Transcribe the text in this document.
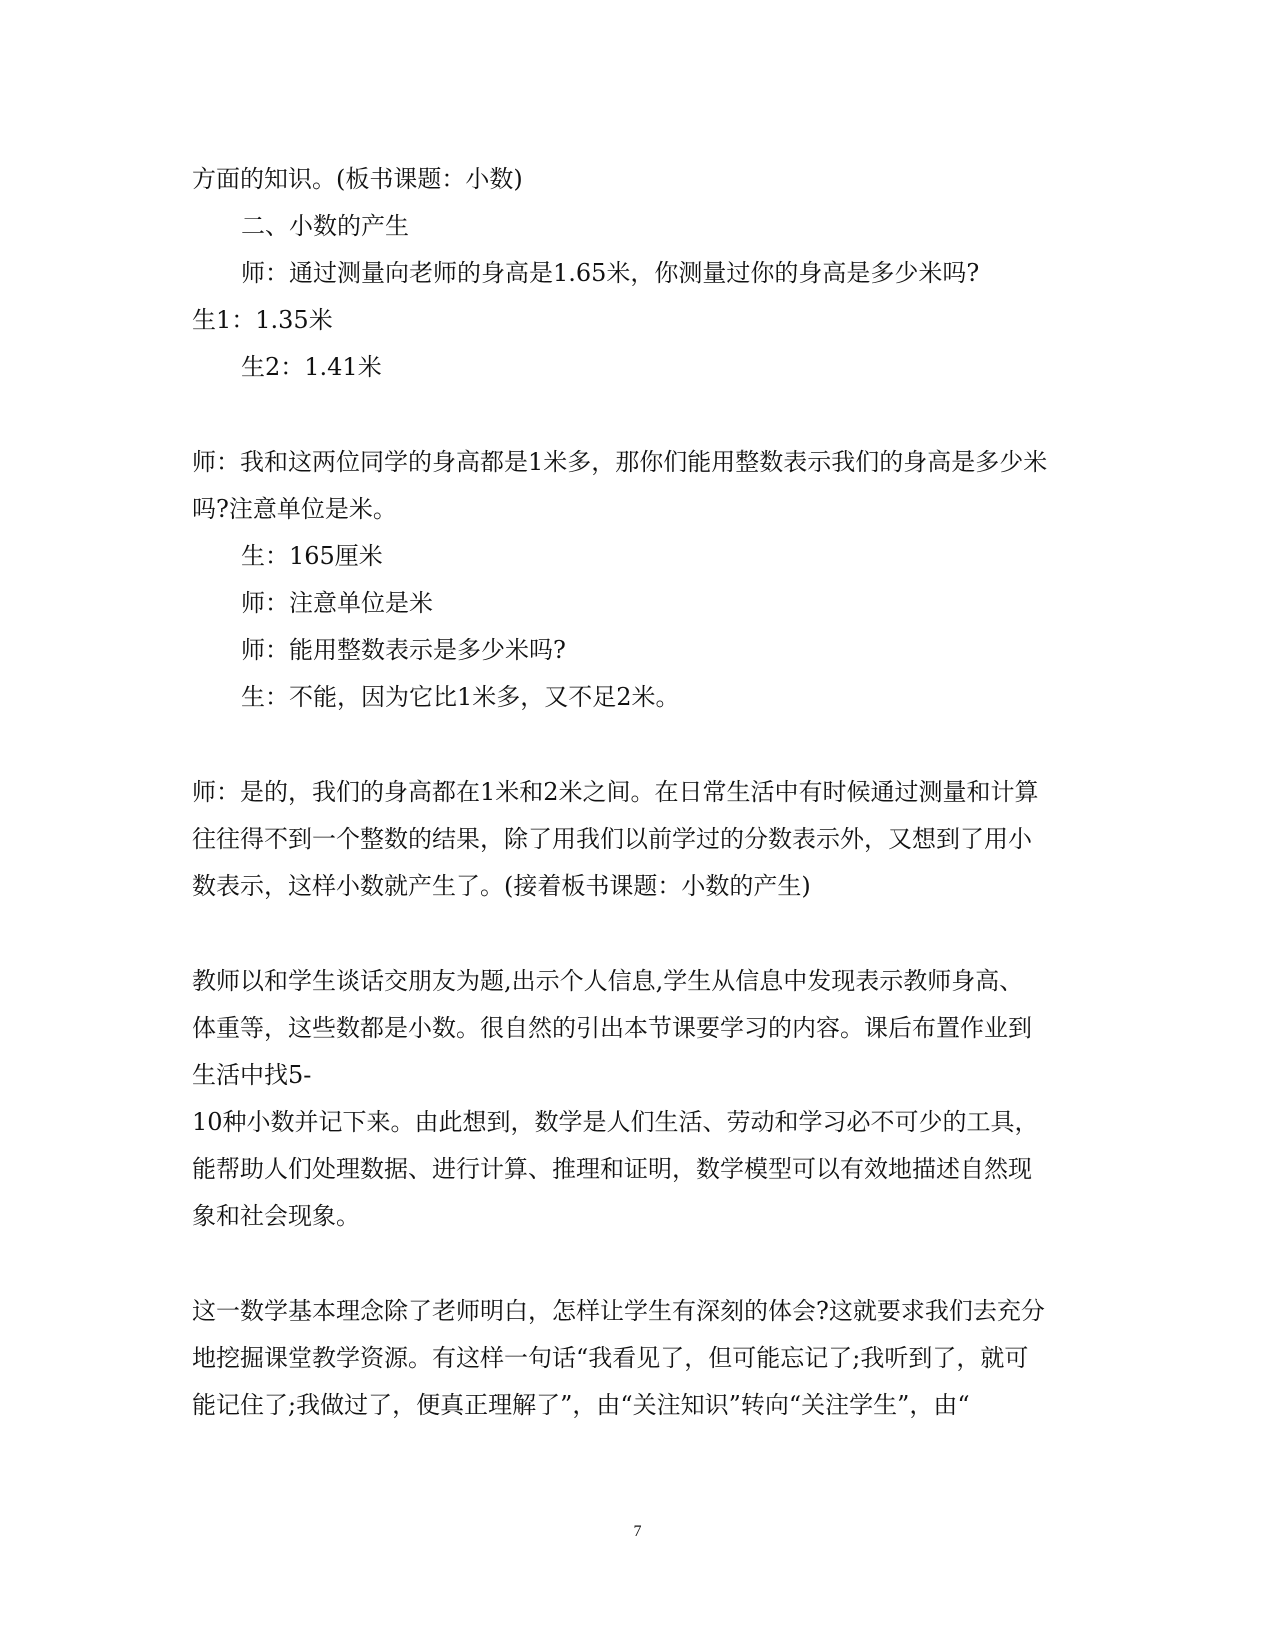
方面的知识。(板书课题：小数)
二、小数的产生
师：通过测量向老师的身高是1.65米，你测量过你的身高是多少米吗?
生1：1.35米
生2：1.41米
师：我和这两位同学的身高都是1米多，那你们能用整数表示我们的身高是多少米
吗?注意单位是米。
生：165厘米
师：注意单位是米
师：能用整数表示是多少米吗?
生：不能，因为它比1米多，又不足2米。
师：是的，我们的身高都在1米和2米之间。在日常生活中有时候通过测量和计算
往往得不到一个整数的结果，除了用我们以前学过的分数表示外，又想到了用小
数表示，这样小数就产生了。(接着板书课题：小数的产生)
教师以和学生谈话交朋友为题,出示个人信息,学生从信息中发现表示教师身高、
体重等，这些数都是小数。很自然的引出本节课要学习的内容。课后布置作业到
生活中找5-
10种小数并记下来。由此想到，数学是人们生活、劳动和学习必不可少的工具，
能帮助人们处理数据、进行计算、推理和证明，数学模型可以有效地描述自然现
象和社会现象。
这一数学基本理念除了老师明白，怎样让学生有深刻的体会?这就要求我们去充分
地挖掘课堂教学资源。有这样一句话“我看见了，但可能忘记了;我听到了，就可
能记住了;我做过了，便真正理解了”，由“关注知识”转向“关注学生”，由“
7
